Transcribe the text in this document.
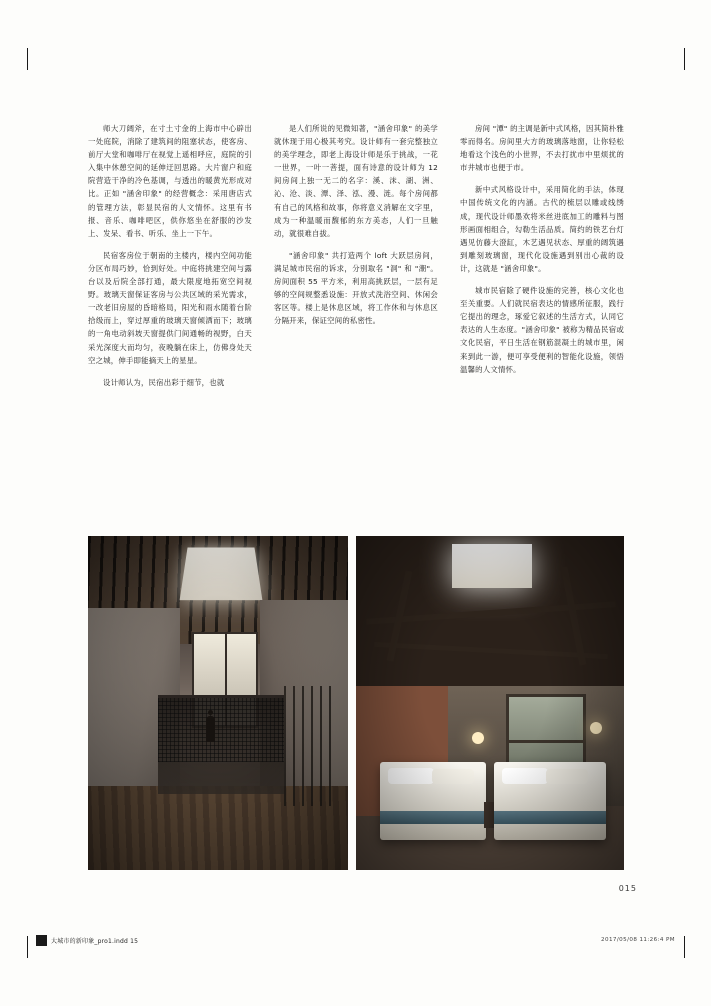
师大刀阔斧，在寸土寸金的上海市中心辟出一处庭院，消除了建筑间的阻塞状态，使客房、前厅大堂和咖啡厅在视觉上遥相呼应，庭院的引入集中休憩空间的延伸迂回思路。大片窗户和庭院营造干净的冷色基调，与透出的暖黄光形成对比。正如 "涵舍印象" 的经营概念：采用唐店式的管理方法，彰显民宿的人文情怀。这里有书报、音乐、咖啡吧区，供你悠坐在舒服的沙发上、发呆、看书、听乐、坐上一下午。

民宿客房位于朝南的主楼内，楼内空间功能分区布局巧妙，恰到好处。中庭将挑建空间与露台以及后院全部打通，最大限度地拓宽空间视野。玻璃天窗保证客房与公共区域的采光需求，一改老旧房屋的昏暗格局，阳光和雨水随着台阶拾级而上，穿过厚重的玻璃天窗倾洒而下；玻璃的一角电动斜坡天窗提供门间通畅的视野，白天采光深度大而均匀，夜晚躺在床上，仿佛身处天空之城，伸手即能摘天上的星星。

设计师认为，民宿出彩于细节，也就

是人们所说的见微知著，"涵舍印象" 的美学就休现于用心极其考究。设计师有一套完整独立的美学理念，即老上海设计师是乐于挑战，一花一世界，一叶一菩提，面有诗意的设计师为 12 间房间上独一无二的名字：溪、沫、湖、洲、沁、沧、淡、潭、泽、泓、漫、涟。每个房间都有自己的风格和故事，你将意义消解在文字里，成为一种温暖而馥郁的东方美态，人们一旦触动，就很难自拔。

"涵舍印象" 共打造两个 loft 大跃层房间，满足城市民宿的诉求，分别取名 "洞" 和 "潮"。房间面积 55 平方米，利用高挑跃层，一层有足够的空间规整悉设施：开放式洗浴空间、休闲会客区等。楼上是休息区域，将工作休和与休息区分隔开来，保证空间的私密性。

房间 "潭" 的主调是新中式风格，因其简朴雅零而得名。房间里大方的玻璃落地窗，让你轻松地看这个浅色的小世界，不去打扰市中里烦扰的市井城市也便于市。

新中式风格设计中，采用简化的手法，体现中国传统文化的内涵。古代的梳层以雕或线绣成，现代设计师墨欢将米丝进底加工的雕料与图形画面相组合，勾勒生活品质。简约的铁艺台灯遇见仿藤大澄缸，木艺遇见状态、厚重的阔筑遇到雕刻玻璃窗，现代化设施遇到别出心裁的设计，这就是 "涵舍印象"。

城市民宿除了硬件设施的完善，核心文化也至关重要。人们就民宿表达的情感所征服，践行它提出的理念，琢爱它叙述的生活方式，认同它表达的人生态度。"涵舍印象" 被称为精品民宿或文化民宿，平日生活在钢筋混凝土的城市里，闲来到此一游，便可享受便利的智能化设施，领悟温馨的人文情怀。

015
大城市的新印象_pro1.indd 15	2017/05/08 11:26:4 PM
